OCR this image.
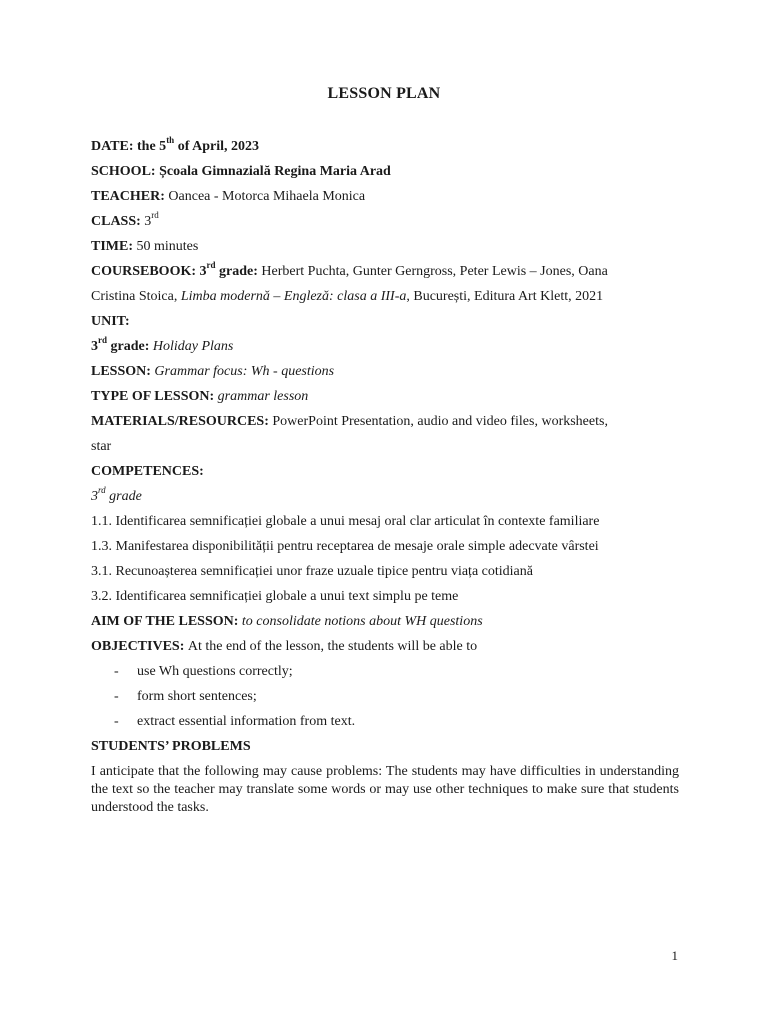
LESSON PLAN
DATE: the 5th of April, 2023
SCHOOL: Școala Gimnazială Regina Maria Arad
TEACHER: Oancea - Motorca Mihaela Monica
CLASS: 3rd
TIME: 50 minutes
COURSEBOOK: 3rd grade: Herbert Puchta, Gunter Gerngross, Peter Lewis – Jones, Oana
Cristina Stoica, Limba modernă – Engleză: clasa a III-a, București, Editura Art Klett, 2021
UNIT:
3rd grade: Holiday Plans
LESSON: Grammar focus: Wh - questions
TYPE OF LESSON: grammar lesson
MATERIALS/RESOURCES: PowerPoint Presentation, audio and video files, worksheets,
star
COMPETENCES:
3rd grade
1.1. Identificarea semnificației globale a unui mesaj oral clar articulat în contexte familiare
1.3. Manifestarea disponibilității pentru receptarea de mesaje orale simple adecvate vârstei
3.1. Recunoașterea semnificației unor fraze uzuale tipice pentru viața cotidiană
3.2. Identificarea semnificației globale a unui text simplu pe teme
AIM OF THE LESSON: to consolidate notions about WH questions
OBJECTIVES: At the end of the lesson, the students will be able to
- use Wh questions correctly;
- form short sentences;
- extract essential information from text.
STUDENTS’ PROBLEMS
I anticipate that the following may cause problems: The students may have difficulties in understanding the text so the teacher may translate some words or may use other techniques to make sure that students understood the tasks.
1
